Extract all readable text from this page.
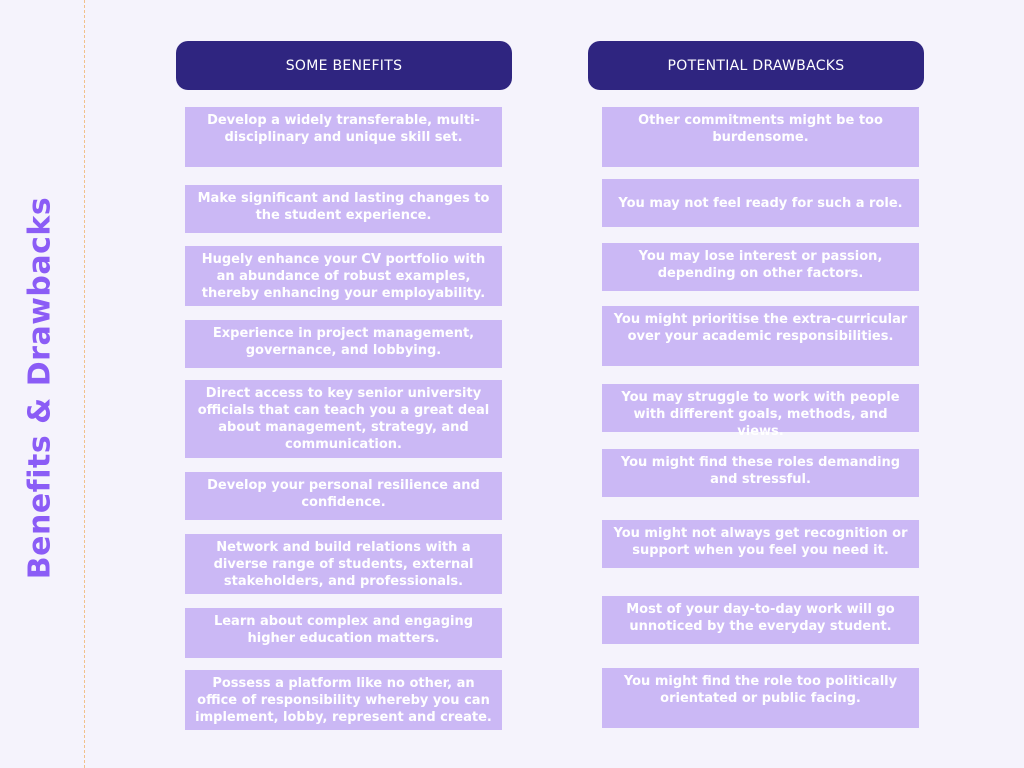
Benefits & Drawbacks
SOME BENEFITS	POTENTIAL DRAWBACKS
Develop a widely transferable, multi-disciplinary and unique skill set.
Make significant and lasting changes to the student experience.
Hugely enhance your CV portfolio with an abundance of robust examples, thereby enhancing your employability.
Experience in project management, governance, and lobbying.
Direct access to key senior university officials that can teach you a great deal about management, strategy, and communication.
Develop your personal resilience and confidence.
Network and build relations with a diverse range of students, external stakeholders, and professionals.
Learn about complex and engaging higher education matters.
Possess a platform like no other, an office of responsibility whereby you can implement, lobby, represent and create.
Other commitments might be too burdensome.
You may not feel ready for such a role.
You may lose interest or passion, depending on other factors.
You might prioritise the extra-curricular over your academic responsibilities.
You may struggle to work with people with different goals, methods, and views.
You might find these roles demanding and stressful.
You might not always get recognition or support when you feel you need it.
Most of your day-to-day work will go unnoticed by the everyday student.
You might find the role too politically orientated or public facing.
